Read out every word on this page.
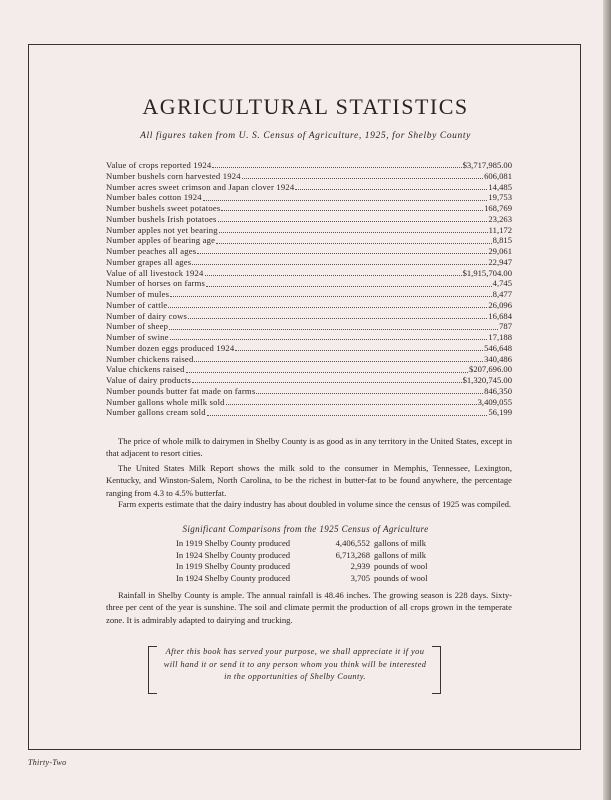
AGRICULTURAL STATISTICS
All figures taken from U. S. Census of Agriculture, 1925, for Shelby County
Value of crops reported 1924	$3,717,985.00
Number bushels corn harvested 1924	606,081
Number acres sweet crimson and Japan clover 1924	14,485
Number bales cotton 1924	19,753
Number bushels sweet potatoes	168,769
Number bushels Irish potatoes	23,263
Number apples not yet bearing	11,172
Number apples of bearing age	8,815
Number peaches all ages	29,061
Number grapes all ages	22,947
Value of all livestock 1924	$1,915,704.00
Number of horses on farms	4,745
Number of mules	8,477
Number of cattle	26,096
Number of dairy cows	16,684
Number of sheep	787
Number of swine	17,188
Number dozen eggs produced 1924	546,648
Number chickens raised	340,486
Value chickens raised	$207,696.00
Value of dairy products	$1,320,745.00
Number pounds butter fat made on farms	846,350
Number gallons whole milk sold	3,409,055
Number gallons cream sold	56,199
The price of whole milk to dairymen in Shelby County is as good as in any territory in the United States, except in that adjacent to resort cities.
The United States Milk Report shows the milk sold to the consumer in Memphis, Tennessee, Lexington, Kentucky, and Winston-Salem, North Carolina, to be the richest in butter-fat to be found anywhere, the percentage ranging from 4.3 to 4.5% butterfat.
Farm experts estimate that the dairy industry has about doubled in volume since the census of 1925 was compiled.
Significant Comparisons from the 1925 Census of Agriculture
In 1919 Shelby County produced	4,406,552 gallons of milk
In 1924 Shelby County produced	6,713,268 gallons of milk
In 1919 Shelby County produced	2,939 pounds of wool
In 1924 Shelby County produced	3,705 pounds of wool
Rainfall in Shelby County is ample. The annual rainfall is 48.46 inches. The growing season is 228 days. Sixty-three per cent of the year is sunshine. The soil and climate permit the production of all crops grown in the temperate zone. It is admirably adapted to dairying and trucking.
After this book has served your purpose, we shall appreciate it if you will hand it or send it to any person whom you think will be interested in the opportunities of Shelby County.
Thirty-Two
